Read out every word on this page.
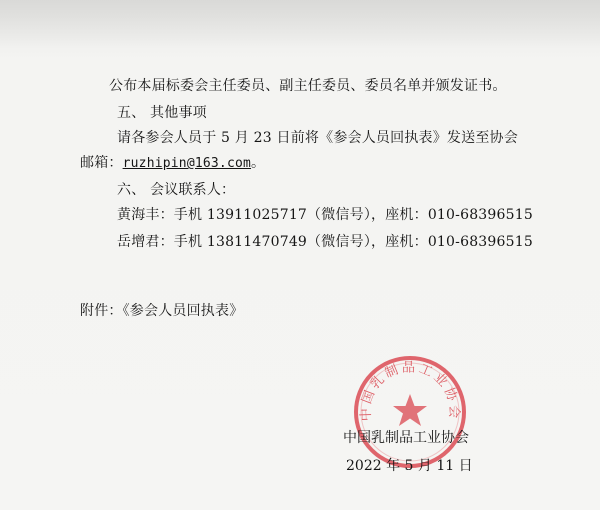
公布本届标委会主任委员、副主任委员、委员名单并颁发证书。
五、 其他事项
请各参会人员于 5 月 23 日前将《参会人员回执表》发送至协会
邮箱：ruzhipin@163.com。
六、 会议联系人：
黄海丰：手机 13911025717（微信号），座机：010-68396515
岳增君：手机 13811470749（微信号），座机：010-68396515
附件：《参会人员回执表》
中国乳制品工业协会
中国乳制品工业协会
2022 年 5 月 11 日
